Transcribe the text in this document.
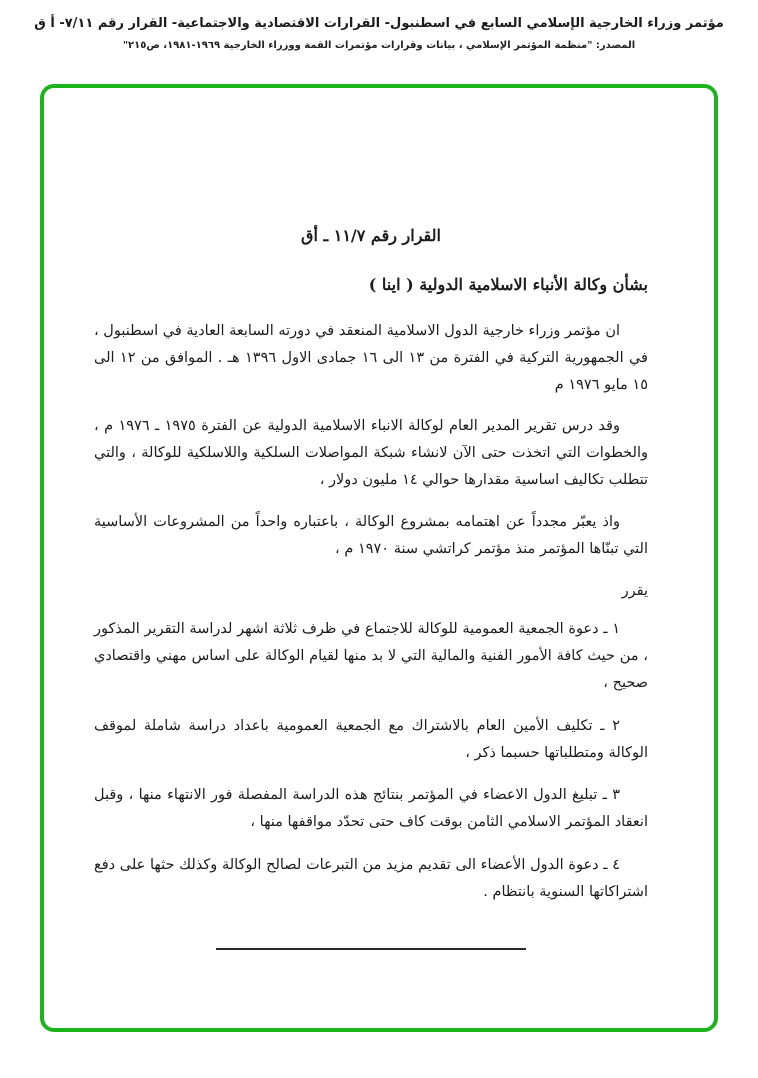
مؤتمر وزراء الخارجية الإسلامي السابع في اسطنبول- القرارات الاقتصادية والاجتماعية- القرار رقم ٧/١١- أ ق
المصدر: "منظمة المؤتمر الإسلامي ، بيانات وقرارات مؤتمرات القمة ووزراء الخارجية ١٩٦٩-١٩٨١، ص٢١٥"
القرار رقم ١١/٧ ـ أق
بشأن وكالة الأنباء الاسلامية الدولية ( اينا )

ان مؤتمر وزراء خارجية الدول الاسلامية المنعقد في دورته السابعة العادية في اسطنبول ، في الجمهورية التركية في الفترة من ١٣ الى ١٦ جمادى الاول ١٣٩٦ هـ . الموافق من ١٢ الى ١٥ مايو ١٩٧٦ م

وقد درس تقرير المدير العام لوكالة الانباء الاسلامية الدولية عن الفترة ١٩٧٥ ـ ١٩٧٦ م ، والخطوات التي اتخذت حتى الآن لانشاء شبكة المواصلات السلكية واللاسلكية للوكالة ، والتي تتطلب تكاليف اساسية مقدارها حوالي ١٤ مليون دولار ،

واذ يعبّر مجدداً عن اهتمامه بمشروع الوكالة ، باعتباره واحداً من المشروعات الأساسية التي تبنّاها المؤتمر منذ مؤتمر كراتشي سنة ١٩٧٠ م ،

يقرر

١ ـ دعوة الجمعية العمومية للوكالة للاجتماع في ظرف ثلاثة اشهر لدراسة التقرير المذكور ، من حيث كافة الأمور الفنية والمالية التي لا بد منها لقيام الوكالة على اساس مهني واقتصادي صحيح ،

٢ ـ تكليف الأمين العام بالاشتراك مع الجمعية العمومية باعداد دراسة شاملة لموقف الوكالة ومتطلباتها حسبما ذكر ،

٣ ـ تبليغ الدول الاعضاء في المؤتمر بنتائج هذه الدراسة المفصلة فور الانتهاء منها ، وقبل انعقاد المؤتمر الاسلامي الثامن بوقت كاف حتى تحدّد مواقفها منها ،

٤ ـ دعوة الدول الأعضاء الى تقديم مزيد من التبرعات لصالح الوكالة وكذلك حثها على دفع اشتراكاتها السنوية بانتظام .
